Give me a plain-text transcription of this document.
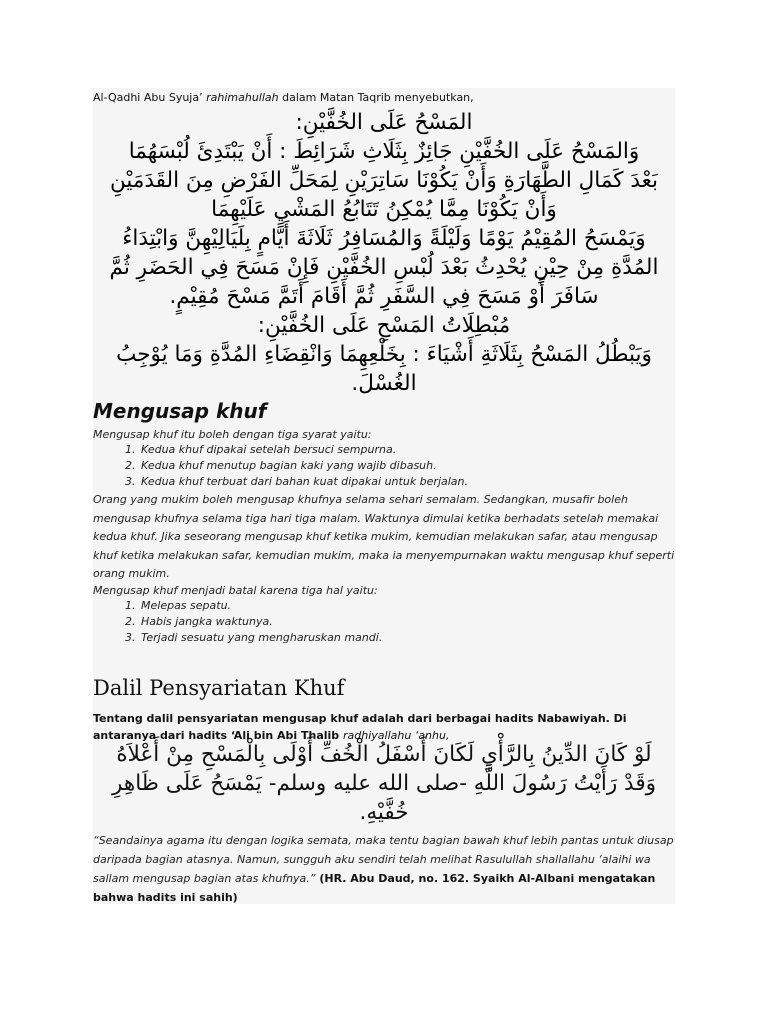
Al-Qadhi Abu Syuja’ rahimahullah dalam Matan Taqrib menyebutkan,

المَسْحُ عَلَى الخُفَّيْنِ:

وَالمَسْحُ عَلَى الخُفَّيْنِ جَائِزٌ بِثَلَاثِ شَرَائِطَ : أَنْ يَبْتَدِئَ لُبْسَهُمَا

بَعْدَ كَمَالِ الطَّهَارَةِ وَأَنْ يَكُوْنَا سَاتِرَيْنِ لِمَحَلِّ الفَرْضِ مِنَ القَدَمَيْنِ

وَأَنْ يَكُوْنَا مِمَّا يُمْكِنُ تَتَابُعُ المَشْيِ عَلَيْهِمَا

وَيَمْسَحُ المُقِيْمُ يَوْمًا وَلَيْلَةً وَالمُسَافِرُ ثَلَاثَةَ أَيَّامٍ بِلَيَالِيْهِنَّ وَابْتِدَاءُ

المُدَّةِ مِنْ حِيْنِ يُحْدِثُ بَعْدَ لُبْسِ الخُفَّيْنِ فَإِنْ مَسَحَ فِي الحَضَرِ ثُمَّ

سَافَرَ أَوْ مَسَحَ فِي السَّفَرِ ثُمَّ أَقَامَ أَتَمَّ مَسْحَ مُقِيْمٍ.

مُبْطِلَاتُ المَسْحِ عَلَى الخُفَّيْنِ:

وَيَبْطُلُ المَسْحُ بِثَلَاثَةِ أَشْيَاءَ : بِخَلْعِهِمَا وَانْقِضَاءِ المُدَّةِ وَمَا يُوْجِبُ

الغُسْلَ.

Mengusap khuf

Mengusap khuf itu boleh dengan tiga syarat yaitu:

1. Kedua khuf dipakai setelah bersuci sempurna.
2. Kedua khuf menutup bagian kaki yang wajib dibasuh.
3. Kedua khuf terbuat dari bahan kuat dipakai untuk berjalan.

Orang yang mukim boleh mengusap khufnya selama sehari semalam. Sedangkan, musafir boleh mengusap khufnya selama tiga hari tiga malam. Waktunya dimulai ketika berhadats setelah memakai kedua khuf. Jika seseorang mengusap khuf ketika mukim, kemudian melakukan safar, atau mengusap khuf ketika melakukan safar, kemudian mukim, maka ia menyempurnakan waktu mengusap khuf seperti orang mukim.

Mengusap khuf menjadi batal karena tiga hal yaitu:

1. Melepas sepatu.
2. Habis jangka waktunya.
3. Terjadi sesuatu yang mengharuskan mandi.
Dalil Pensyariatan Khuf
Tentang dalil pensyariatan mengusap khuf adalah dari berbagai hadits Nabawiyah. Di antaranya dari hadits ‘Ali bin Abi Thalib radhiyallahu ‘anhu,

لَوْ كَانَ الدِّينُ بِالرَّأْيِ لَكَانَ أَسْفَلُ الْخُفِّ أَوْلَى بِالْمَسْحِ مِنْ أَعْلاَهُ

وَقَدْ رَأَيْتُ رَسُولَ اللَّهِ -صلى الله عليه وسلم- يَمْسَحُ عَلَى ظَاهِرِ

خُفَّيْهِ.

“Seandainya agama itu dengan logika semata, maka tentu bagian bawah khuf lebih pantas untuk diusap daripada bagian atasnya. Namun, sungguh aku sendiri telah melihat Rasulullah shallallahu ‘alaihi wa sallam mengusap bagian atas khufnya.” (HR. Abu Daud, no. 162. Syaikh Al-Albani mengatakan bahwa hadits ini sahih)
